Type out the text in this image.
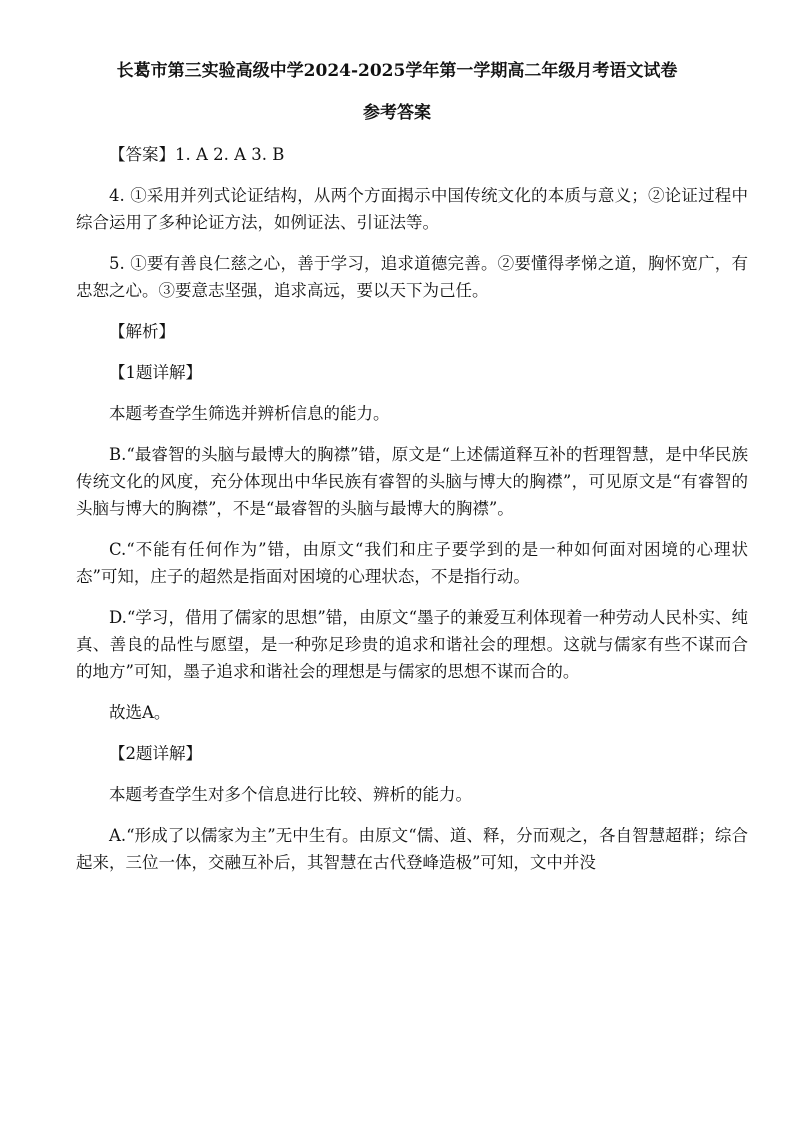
长葛市第三实验高级中学2024-2025学年第一学期高二年级月考语文试卷
参考答案

【答案】1. A 2. A 3. B

4. ①采用并列式论证结构，从两个方面揭示中国传统文化的本质与意义；②论证过程中综合运用了多种论证方法，如例证法、引证法等。

5. ①要有善良仁慈之心，善于学习，追求道德完善。②要懂得孝悌之道，胸怀宽广，有忠恕之心。③要意志坚强，追求高远，要以天下为己任。

【解析】

【1题详解】

本题考查学生筛选并辨析信息的能力。

B.“最睿智的头脑与最博大的胸襟”错，原文是“上述儒道释互补的哲理智慧，是中华民族传统文化的风度，充分体现出中华民族有睿智的头脑与博大的胸襟”，可见原文是“有睿智的头脑与博大的胸襟”，不是“最睿智的头脑与最博大的胸襟”。

C.“不能有任何作为”错，由原文“我们和庄子要学到的是一种如何面对困境的心理状态”可知，庄子的超然是指面对困境的心理状态，不是指行动。

D.“学习，借用了儒家的思想”错，由原文“墨子的兼爱互利体现着一种劳动人民朴实、纯真、善良的品性与愿望，是一种弥足珍贵的追求和谐社会的理想。这就与儒家有些不谋而合的地方”可知，墨子追求和谐社会的理想是与儒家的思想不谋而合的。

故选A。

【2题详解】

本题考查学生对多个信息进行比较、辨析的能力。

A.“形成了以儒家为主”无中生有。由原文“儒、道、释，分而观之，各自智慧超群；综合起来，三位一体，交融互补后，其智慧在古代登峰造极”可知，文中并没
